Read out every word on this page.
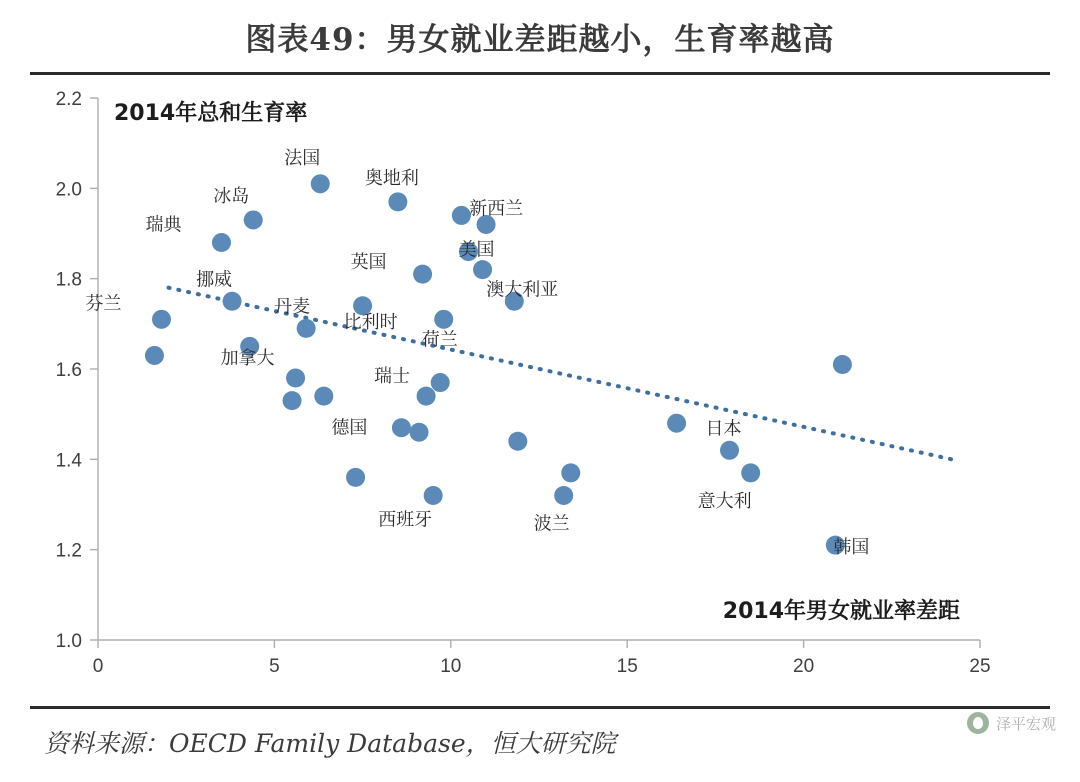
图表49：男女就业差距越小，生育率越高
1.0
1.2
1.4
1.6
1.8
2.0
2.2
0	5	10	15	20	25
芬兰
瑞典
冰岛
挪威
法国
丹麦
加拿大
比利时
奥地利
英国
荷兰
瑞士
德国
西班牙
新西兰
美国
澳大利亚
波兰
日本
意大利
韩国
2014年总和生育率
2014年男女就业率差距
资料来源：OECD Family Database，恒大研究院
泽平宏观
